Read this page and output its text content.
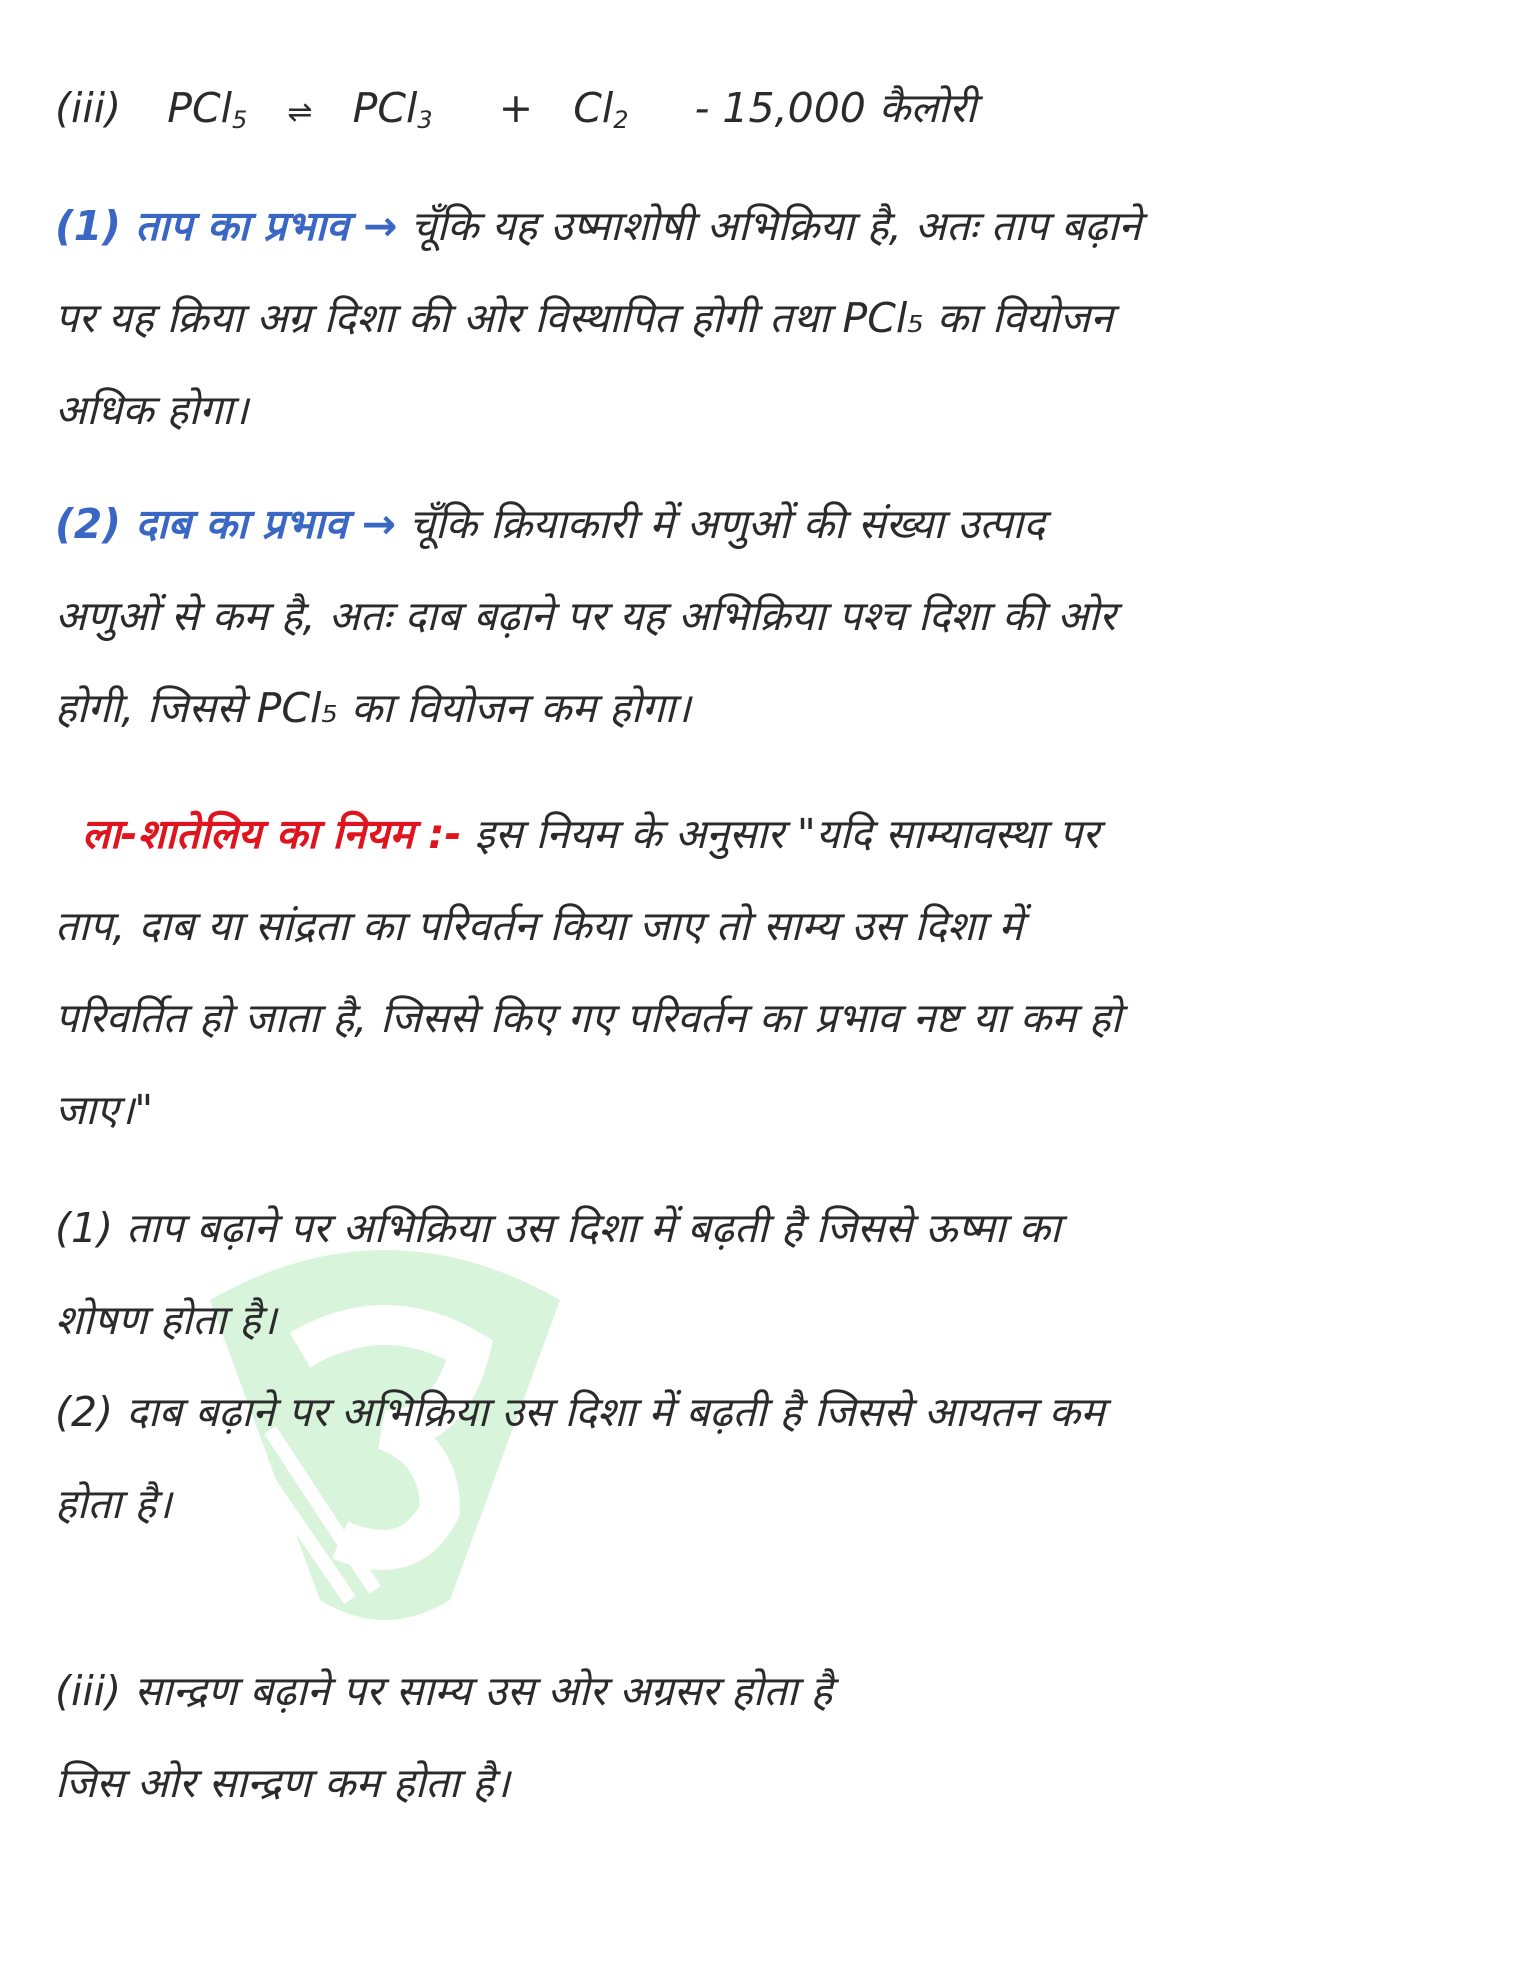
(iii) PCl$_5$ ⇌ $PCl_3 + Cl_2 - 15,000$ कैलोरी
(1) ताप का प्रभाव → चूँकि यह उष्माशोषी अभिक्रिया है, अतः ताप बढ़ाने
पर यह क्रिया अग्र दिशा की ओर विस्थापित होगी तथा PCl₅ का वियोजन
अधिक होगा।
(2) दाब का प्रभाव → चूँकि क्रियाकारी में अणुओं की संख्या उत्पाद
अणुओं से कम है, अतः दाब बढ़ाने पर यह अभिक्रिया पश्च दिशा की ओर
होगी, जिससे PCl₅ का वियोजन कम होगा।
ला-शातेलिय का नियम :- इस नियम के अनुसार "यदि साम्यावस्था पर
ताप, दाब या सांद्रता का परिवर्तन किया जाए तो साम्य उस दिशा में
परिवर्तित हो जाता है, जिससे किए गए परिवर्तन का प्रभाव नष्ट या कम हो
जाए।"
(1) ताप बढ़ाने पर अभिक्रिया उस दिशा में बढ़ती है जिससे ऊष्मा का
शोषण होता है।
(2) दाब बढ़ाने पर अभिक्रिया उस दिशा में बढ़ती है जिससे आयतन कम
होता है।
(iii) सान्द्रण बढ़ाने पर साम्य उस ओर अग्रसर होता है
जिस ओर सान्द्रण कम होता है।
